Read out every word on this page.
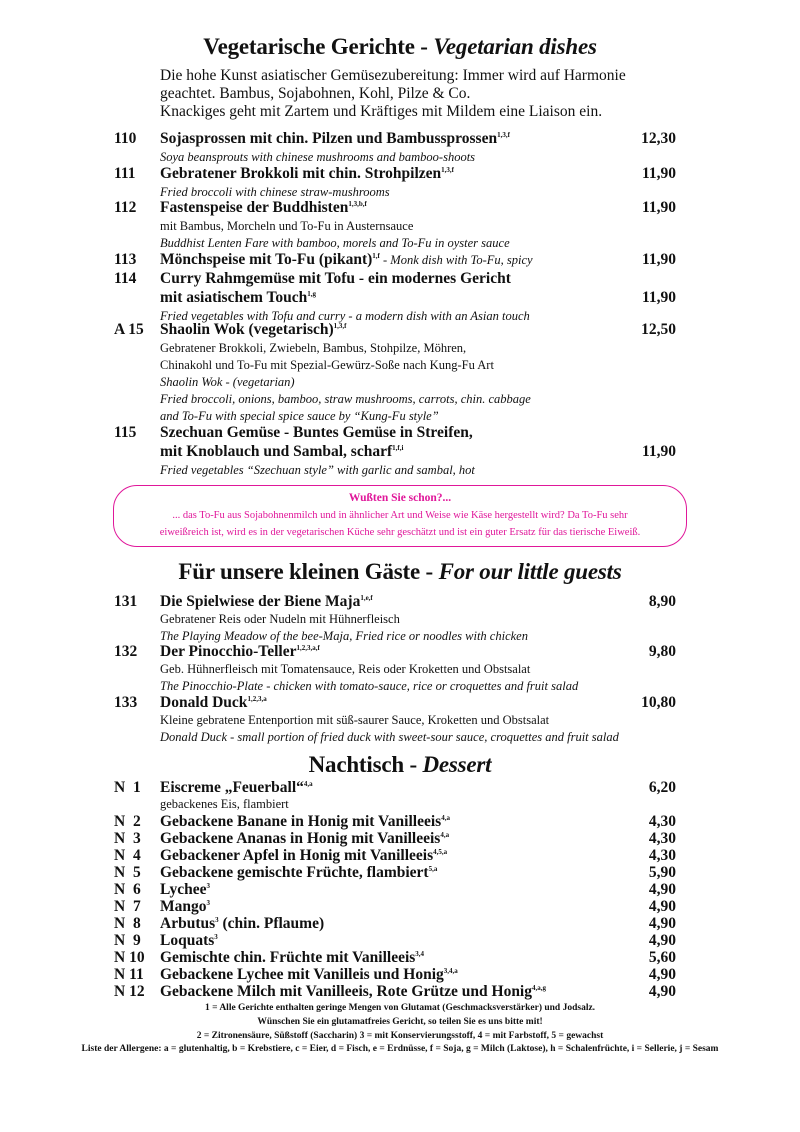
Vegetarische Gerichte - Vegetarian dishes
Die hohe Kunst asiatischer Gemüsezubereitung: Immer wird auf Harmonie
geachtet. Bambus, Sojabohnen, Kohl, Pilze & Co.
Knackiges geht mit Zartem und Kräftiges mit Mildem eine Liaison ein.
110 Sojasprossen mit chin. Pilzen und Bambussprossen$^{1,3,f}$	12,30
Soya beansprouts with chinese mushrooms and bamboo-shoots
111 Gebratener Brokkoli mit chin. Strohpilzen$^{1,3,f}$	11,90
Fried broccoli with chinese straw-mushrooms
112 Fastenspeise der Buddhisten$^{1,3,b,f}$	11,90
mit Bambus, Morcheln und To-Fu in Austernsauce
Buddhist Lenten Fare with bamboo, morels and To-Fu in oyster sauce
113 Mönchspeise mit To-Fu (pikant)$^{1,f}$ - Monk dish with To-Fu, spicy	11,90
114 Curry Rahmgemüse mit Tofu - ein modernes Gericht
mit asiatischem Touch$^{1,g}$	11,90
Fried vegetables with Tofu and curry - a modern dish with an Asian touch
A 15 Shaolin Wok (vegetarisch)$^{1,3,f}$	12,50
Gebratener Brokkoli, Zwiebeln, Bambus, Stohpilze, Möhren,
Chinakohl und To-Fu mit Spezial-Gewürz-Soße nach Kung-Fu Art
Shaolin Wok - (vegetarian)
Fried broccoli, onions, bamboo, straw mushrooms, carrots, chin. cabbage
and To-Fu with special spice sauce by “Kung-Fu style”
115 Szechuan Gemüse - Buntes Gemüse in Streifen,
mit Knoblauch und Sambal, scharf$^{1,f,i}$	11,90
Fried vegetables “Szechuan style” with garlic and sambal, hot
Wußten Sie schon?...
... das To-Fu aus Sojabohnenmilch und in ähnlicher Art und Weise wie Käse hergestellt wird? Da To-Fu sehr
eiweißreich ist, wird es in der vegetarischen Küche sehr geschätzt und ist ein guter Ersatz für das tierische Eiweiß.
Für unsere kleinen Gäste - For our little guests
131 Die Spielwiese der Biene Maja$^{1,e,f}$	8,90
Gebratener Reis oder Nudeln mit Hühnerfleisch
The Playing Meadow of the bee-Maja, Fried rice or noodles with chicken
132 Der Pinocchio-Teller$^{1,2,3,a,f}$	9,80
Geb. Hühnerfleisch mit Tomatensauce, Reis oder Kroketten und Obstsalat
The Pinocchio-Plate - chicken with tomato-sauce, rice or croquettes and fruit salad
133 Donald Duck$^{1,2,3,a}$	10,80
Kleine gebratene Entenportion mit süß-saurer Sauce, Kroketten und Obstsalat
Donald Duck - small portion of fried duck with sweet-sour sauce, croquettes and fruit salad
Nachtisch - Dessert
N  1 Eiscreme „Feuerball“$^{4,a}$	6,20
gebackenes Eis, flambiert
N  2 Gebackene Banane in Honig mit Vanilleeis$^{4,a}$	4,30
N  3 Gebackene Ananas in Honig mit Vanilleeis$^{4,a}$	4,30
N  4 Gebackener Apfel in Honig mit Vanilleeis$^{4,5,a}$	4,30
N  5 Gebackene gemischte Früchte, flambiert$^{5,a}$	5,90
N  6 Lychee$^3$	4,90
N  7 Mango$^3$	4,90
N  8 Arbutus$^3$ (chin. Pflaume)	4,90
N  9 Loquats$^3$	4,90
N 10 Gemischte chin. Früchte mit Vanilleeis$^{3,4}$	5,60
N 11 Gebackene Lychee mit Vanilleis und Honig$^{3,4,a}$	4,90
N 12 Gebackene Milch mit Vanilleeis, Rote Grütze und Honig$^{4,a,g}$	4,90
1 = Alle Gerichte enthalten geringe Mengen von Glutamat (Geschmacksverstärker) und Jodsalz.
Wünschen Sie ein glutamatfreies Gericht, so teilen Sie es uns bitte mit!
2 = Zitronensäure, Süßstoff (Saccharin) 3 = mit Konservierungsstoff, 4 = mit Farbstoff, 5 = gewachst
Liste der Allergene: a = glutenhaltig, b = Krebstiere, c = Eier, d = Fisch, e = Erdnüsse, f = Soja, g = Milch (Laktose), h = Schalenfrüchte, i = Sellerie, j = Sesam
